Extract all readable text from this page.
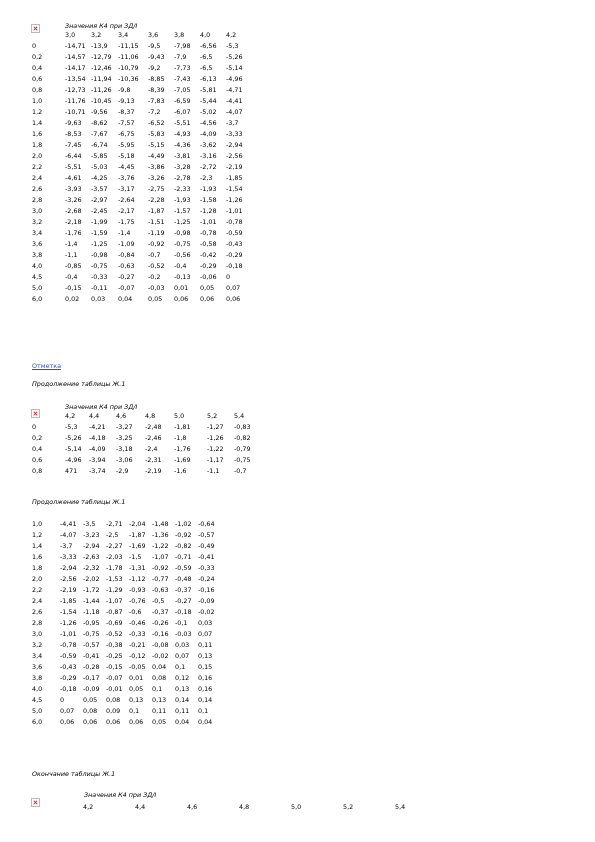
Значения К4 при ЗД/I
	3,0	3,2	3,4	3,6	3,8	4,0	4,2
0	-14,71	-13,9	-11,15	-9,5	-7,98	-6,56	-5,3
0,2	-14,57	-12,79	-11,06	-9,43	-7,9	-6,5	-5,26
0,4	-14,17	-12,46	-10,79	-9,2	-7,73	-6,5	-5,14
0,6	-13,54	-11,94	-10,36	-8,85	-7,43	-6,13	-4,96
0,8	-12,73	-11,26	-9,8	-8,39	-7,05	-5,81	-4,71
1,0	-11,76	-10,45	-9,13	-7,83	-6,59	-5,44	-4,41
1,2	-10,71	-9,56	-8,37	-7,2	-6,07	-5,02	-4,07
1,4	-9,63	-8,62	-7,57	-6,52	-5,51	-4,56	-3,7
1,6	-8,53	-7,67	-6,75	-5,83	-4,93	-4,09	-3,33
1,8	-7,45	-6,74	-5,95	-5,15	-4,36	-3,62	-2,94
2,0	-6,44	-5,85	-5,18	-4,49	-3,81	-3,16	-2,56
2,2	-5,51	-5,03	-4,45	-3,86	-3,28	-2,72	-2,19
2,4	-4,61	-4,25	-3,76	-3,26	-2,78	-2,3	-1,85
2,6	-3,93	-3,57	-3,17	-2,75	-2,33	-1,93	-1,54
2,8	-3,26	-2,97	-2,64	-2,28	-1,93	-1,58	-1,26
3,0	-2,68	-2,45	-2,17	-1,87	-1,57	-1,28	-1,01
3,2	-2,18	-1,99	-1,75	-1,51	-1,25	-1,01	-0,78
3,4	-1,76	-1,59	-1,4	-1,19	-0,98	-0,78	-0,59
3,6	-1,4	-1,25	-1,09	-0,92	-0,75	-0,58	-0,43
3,8	-1,1	-0,98	-0,84	-0,7	-0,56	-0,42	-0,29
4,0	-0,85	-0,75	-0,63	-0,52	-0,4	-0,29	-0,18
4,5	-0,4	-0,33	-0,27	-0,2	-0,13	-0,06	0
5,0	-0,15	-0,11	-0,07	-0,03	0,01	0,05	0,07
6,0	0,02	0,03	0,04	0,05	0,06	0,06	0,06
Отметка
Продолжение таблицы Ж.1
Значения К4 при ЗД/I
	4,2	4,4	4,6	4,8	5,0	5,2	5,4
0	-5,3	-4,21	-3,27	-2,48	-1,81	-1,27	-0,83
0,2	-5,26	-4,18	-3,25	-2,46	-1,8	-1,26	-0,82
0,4	-5,14	-4,09	-3,18	-2,4	-1,76	-1,22	-0,79
0,6	-4,96	-3,94	-3,06	-2,31	-1,69	-1,17	-0,75
0,8	471	-3,74	-2,9	-2,19	-1,6	-1,1	-0,7
Продолжение таблицы Ж.1
1,0	-4,41	-3,5	-2,71	-2,04	-1,48	-1,02	-0,64
1,2	-4,07	-3,23	-2,5	-1,87	-1,36	-0,92	-0,57
1,4	-3,7	-2,94	-2,27	-1,69	-1,22	-0,82	-0,49
1,6	-3,33	-2,63	-2,03	-1,5	-1,07	-0,71	-0,41
1,8	-2,94	-2,32	-1,78	-1,31	-0,92	-0,59	-0,33
2,0	-2,56	-2,02	-1,53	-1,12	-0,77	-0,48	-0,24
2,2	-2,19	-1,72	-1,29	-0,93	-0,63	-0,37	-0,16
2,4	-1,85	-1,44	-1,07	-0,76	-0,5	-0,27	-0,09
2,6	-1,54	-1,18	-0,87	-0,6	-0,37	-0,18	-0,02
2,8	-1,26	-0,95	-0,69	-0,46	-0,26	-0,1	0,03
3,0	-1,01	-0,75	-0,52	-0,33	-0,16	-0,03	0,07
3,2	-0,78	-0,57	-0,38	-0,21	-0,08	0,03	0,11
3,4	-0,59	-0,41	-0,25	-0,12	-0,02	0,07	0,13
3,6	-0,43	-0,28	-0,15	-0,05	0,04	0,1	0,15
3,8	-0,29	-0,17	-0,07	0,01	0,08	0,12	0,16
4,0	-0,18	-0,09	-0,01	0,05	0,1	0,13	0,16
4,5	0	0,05	0,08	0,13	0,13	0,14	0,14
5,0	0,07	0,08	0,09	0,1	0,11	0,11	0,1
6,0	0,06	0,06	0,06	0,06	0,05	0,04	0,04
Окончание таблицы Ж.1
Значения К4 при ЗД/I
4,2	4,4	4,6	4,8	5,0	5,2	5,4
